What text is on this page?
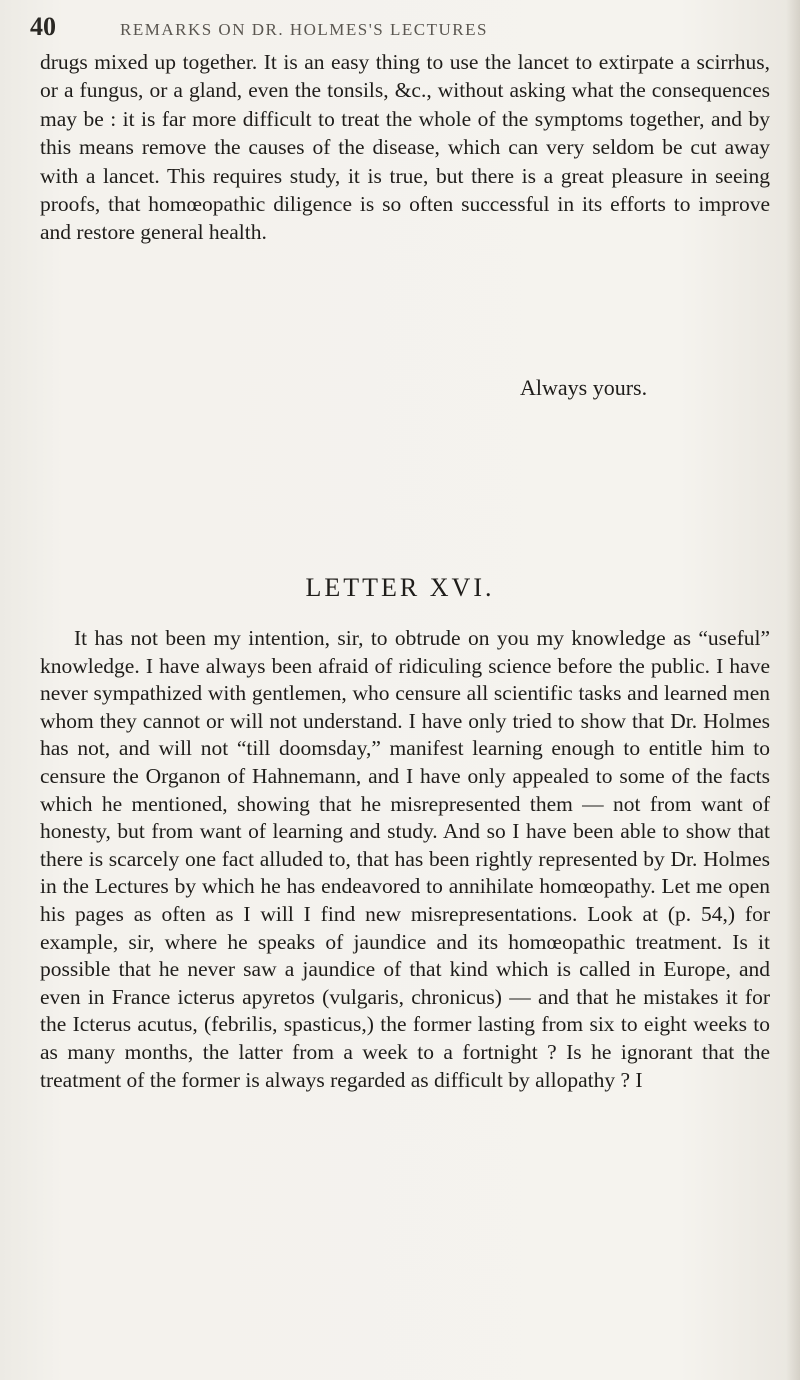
40	REMARKS ON DR. HOLMES'S LECTURES

drugs mixed up together. It is an easy thing to use the lancet to extirpate a scirrhus, or a fungus, or a gland, even the tonsils, &c., without asking what the consequences may be : it is far more difficult to treat the whole of the symptoms together, and by this means remove the causes of the disease, which can very seldom be cut away with a lancet. This requires study, it is true, but there is a great pleasure in seeing proofs, that homœopathic diligence is so often successful in its efforts to improve and restore general health.

Always yours.
LETTER XVI.

It has not been my intention, sir, to obtrude on you my knowledge as “useful” knowledge. I have always been afraid of ridiculing science before the public. I have never sympathized with gentlemen, who censure all scientific tasks and learned men whom they cannot or will not understand. I have only tried to show that Dr. Holmes has not, and will not “till doomsday,” manifest learning enough to entitle him to censure the Organon of Hahnemann, and I have only appealed to some of the facts which he mentioned, showing that he misrepresented them — not from want of honesty, but from want of learning and study. And so I have been able to show that there is scarcely one fact alluded to, that has been rightly represented by Dr. Holmes in the Lectures by which he has endeavored to annihilate homœopathy. Let me open his pages as often as I will I find new misrepresentations. Look at (p. 54,) for example, sir, where he speaks of jaundice and its homœopathic treatment. Is it possible that he never saw a jaundice of that kind which is called in Europe, and even in France icterus apyretos (vulgaris, chronicus) — and that he mistakes it for the Icterus acutus, (febrilis, spasticus,) the former lasting from six to eight weeks to as many months, the latter from a week to a fortnight ? Is he ignorant that the treatment of the former is always regarded as difficult by allopathy ? I
